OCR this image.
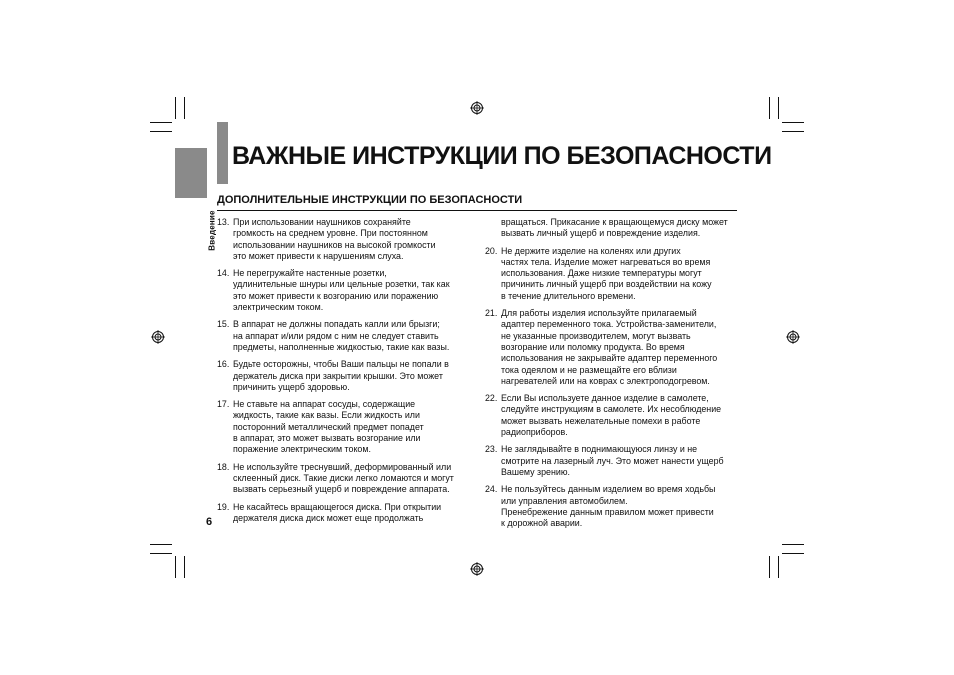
Введение
ВАЖНЫЕ ИНСТРУКЦИИ ПО БЕЗОПАСНОСТИ
ДОПОЛНИТЕЛЬНЫЕ ИНСТРУКЦИИ ПО БЕЗОПАСНОСТИ
13. При использовании наушников сохраняйте
громкость на среднем уровне. При постоянном
использовании наушников на высокой громкости
это может привести к нарушениям слуха.
14. Не перегружайте настенные розетки,
удлинительные шнуры или цельные розетки, так как
это может привести к возгоранию или поражению
электрическим током.
15. В аппарат не должны попадать капли или брызги;
на аппарат и/или рядом с ним не следует ставить
предметы, наполненные жидкостью, такие как вазы.
16. Будьте осторожны, чтобы Ваши пальцы не попали в
держатель диска при закрытии крышки. Это может
причинить ущерб здоровью.
17. Не ставьте на аппарат сосуды, содержащие
жидкость, такие как вазы. Если жидкость или
посторонний металлический предмет попадет
в аппарат, это может вызвать возгорание или
поражение электрическим током.
18. Не используйте треснувший, деформированный или
склеенный диск. Такие диски легко ломаются и могут
вызвать серьезный ущерб и повреждение аппарата.
19. Не касайтесь вращающегося диска. При открытии
держателя диска диск может еще продолжать
вращаться. Прикасание к вращающемуся диску может
вызвать личный ущерб и повреждение изделия.
20. Не держите изделие на коленях или других
частях тела. Изделие может нагреваться во время
использования. Даже низкие температуры могут
причинить личный ущерб при воздействии на кожу
в течение длительного времени.
21. Для работы изделия используйте прилагаемый
адаптер переменного тока. Устройства-заменители,
не указанные производителем, могут вызвать
возгорание или поломку продукта. Во время
использования не закрывайте адаптер переменного
тока одеялом и не размещайте его вблизи
нагревателей или на коврах с электроподогревом.
22. Если Вы используете данное изделие в самолете,
следуйте инструкциям в самолете. Их несоблюдение
может вызвать нежелательные помехи в работе
радиоприборов.
23. Не заглядывайте в поднимающуюся линзу и не
смотрите на лазерный луч. Это может нанести ущерб
Вашему зрению.
24. Не пользуйтесь данным изделием во время ходьбы
или управления автомобилем.
Пренебрежение данным правилом может привести
к дорожной аварии.
6
